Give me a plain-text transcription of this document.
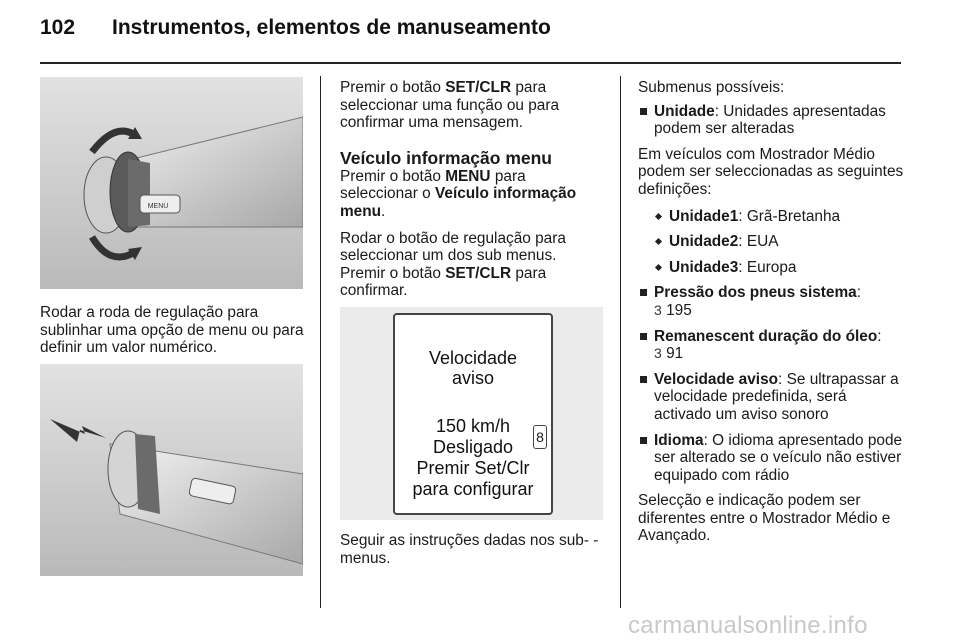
102 Instrumentos, elementos de manuseamento
MENU

Rodar a roda de regulação para sublinhar uma opção de menu ou para definir um valor numérico.

Premir o botão SET/CLR para seleccionar uma função ou para confirmar uma mensagem.

Veículo informação menu

Premir o botão MENU para seleccionar o Veículo informação menu.

Rodar o botão de regulação para seleccionar um dos sub menus. Premir o botão SET/CLR para confirmar.

Velocidade
aviso
150 km/h
Desligado
Premir Set/Clr
para configurar
8

Seguir as instruções dadas nos sub- -menus.

Submenus possíveis:

Unidade: Unidades apresentadas podem ser alteradas

Em veículos com Mostrador Médio podem ser seleccionadas as seguintes definições:

Unidade1: Grã-Bretanha
Unidade2: EUA
Unidade3: Europa
Pressão dos pneus sistema:
3 195
Remanescent duração do óleo:
3 91
Velocidade aviso: Se ultrapassar a velocidade predefinida, será activado um aviso sonoro
Idioma: O idioma apresentado pode ser alterado se o veículo não estiver equipado com rádio

Selecção e indicação podem ser diferentes entre o Mostrador Médio e Avançado.

carmanualsonline.info
